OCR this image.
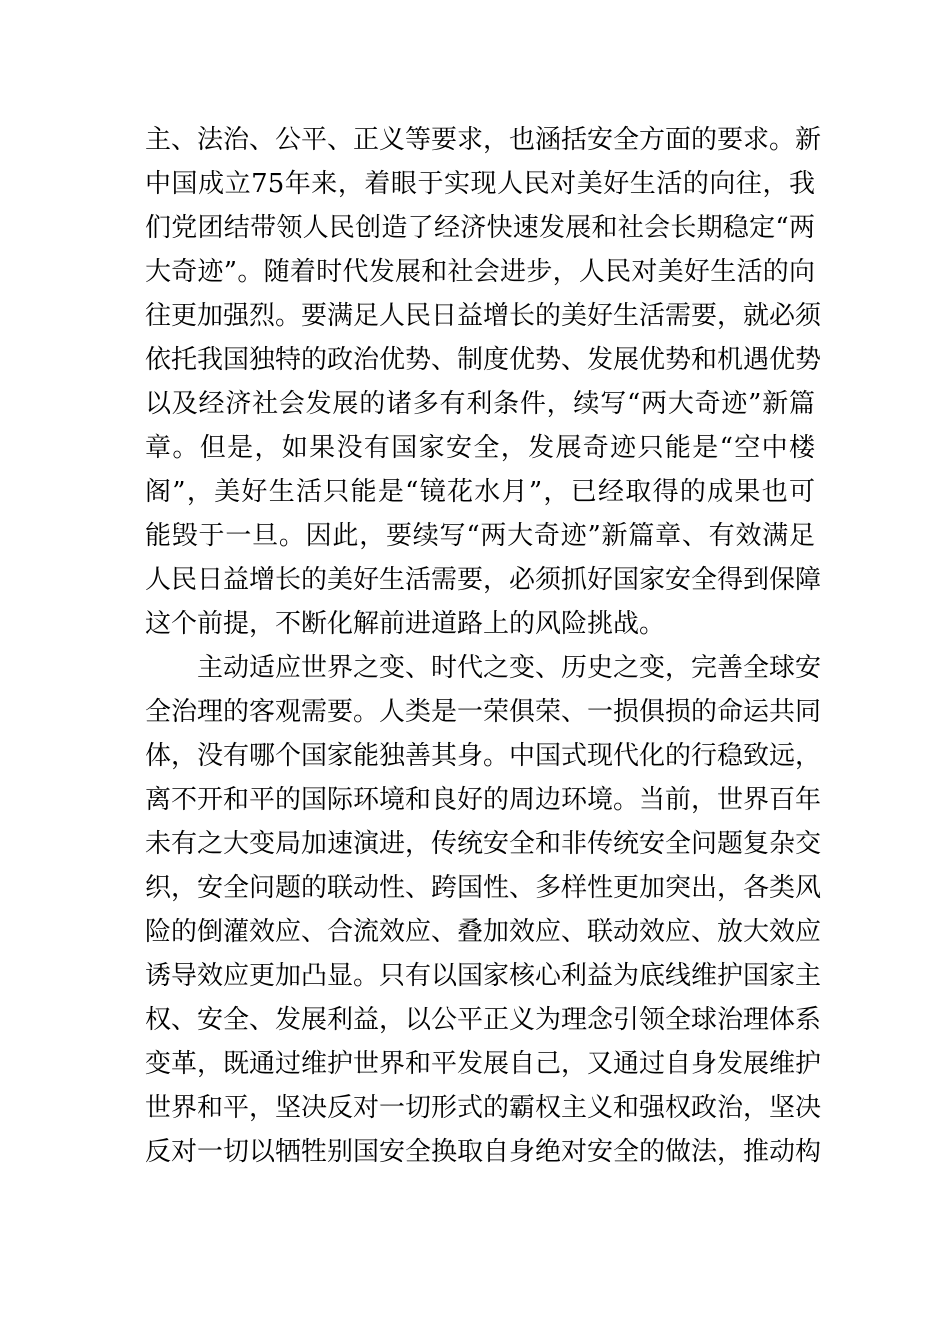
主、法治、公平、正义等要求，也涵括安全方面的要求。新
中国成立75年来，着眼于实现人民对美好生活的向往，我
们党团结带领人民创造了经济快速发展和社会长期稳定“两
大奇迹”。随着时代发展和社会进步，人民对美好生活的向
往更加强烈。要满足人民日益增长的美好生活需要，就必须
依托我国独特的政治优势、制度优势、发展优势和机遇优势
以及经济社会发展的诸多有利条件，续写“两大奇迹”新篇
章。但是，如果没有国家安全，发展奇迹只能是“空中楼
阁”，美好生活只能是“镜花水月”，已经取得的成果也可
能毁于一旦。因此，要续写“两大奇迹”新篇章、有效满足
人民日益增长的美好生活需要，必须抓好国家安全得到保障
这个前提，不断化解前进道路上的风险挑战。
主动适应世界之变、时代之变、历史之变，完善全球安
全治理的客观需要。人类是一荣俱荣、一损俱损的命运共同
体，没有哪个国家能独善其身。中国式现代化的行稳致远，
离不开和平的国际环境和良好的周边环境。当前，世界百年
未有之大变局加速演进，传统安全和非传统安全问题复杂交
织，安全问题的联动性、跨国性、多样性更加突出，各类风
险的倒灌效应、合流效应、叠加效应、联动效应、放大效应
诱导效应更加凸显。只有以国家核心利益为底线维护国家主
权、安全、发展利益，以公平正义为理念引领全球治理体系
变革，既通过维护世界和平发展自己，又通过自身发展维护
世界和平，坚决反对一切形式的霸权主义和强权政治，坚决
反对一切以牺牲别国安全换取自身绝对安全的做法，推动构
